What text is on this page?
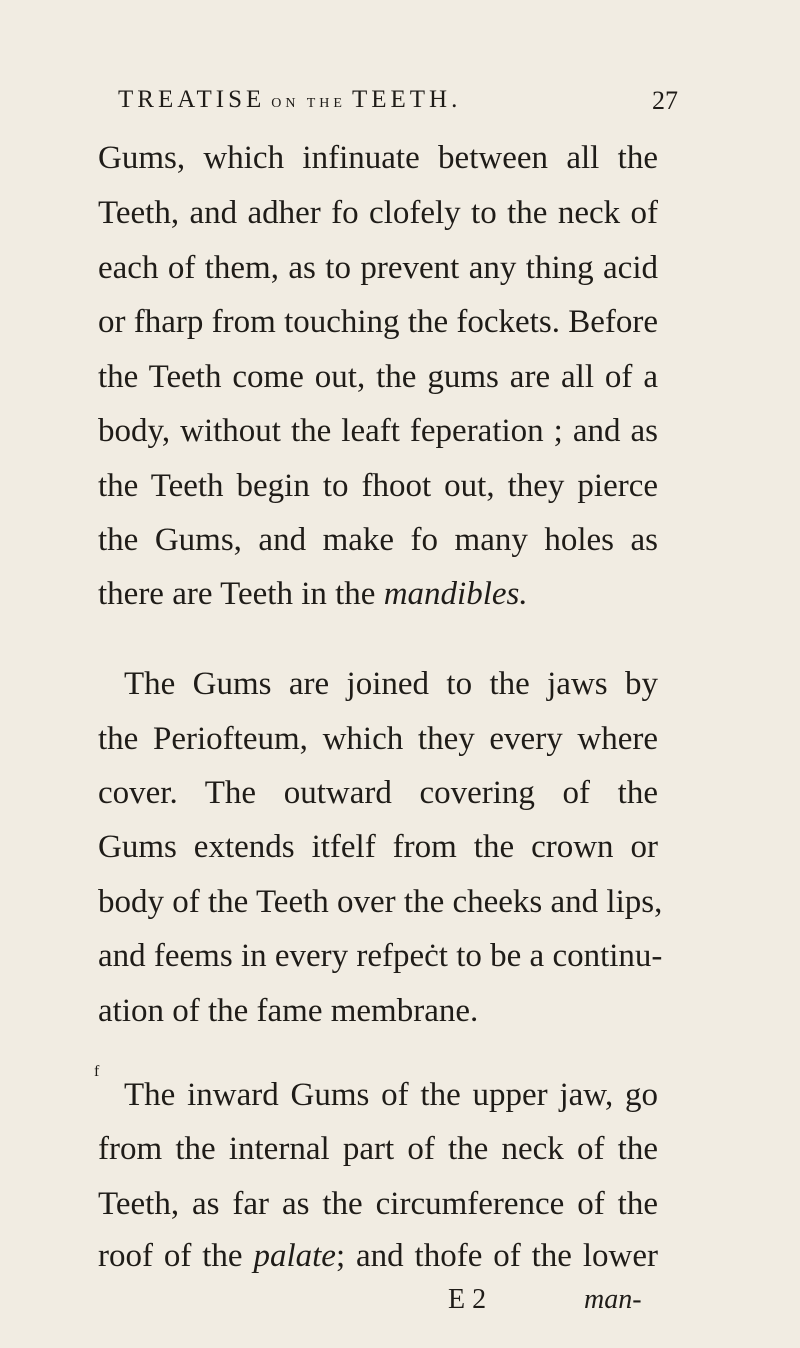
TREATISE ON THE TEETH.	27
Gums, which infinuate between all the
Teeth, and adher fo clofely to the neck of
each of them, as to prevent any thing acid
or fharp from touching the fockets. Before
the Teeth come out, the gums are all of a
body, without the leaft feperation ; and as
the Teeth begin to fhoot out, they pierce
the Gums, and make fo many holes as
there are Teeth in the mandibles.
The Gums are joined to the jaws by
the Periofteum, which they every where
cover. The outward covering of the
Gums extends itfelf from the crown or
body of the Teeth over the cheeks and lips,
and feems in every refpeċt to be a continu-
ation of the fame membrane.
f
The inward Gums of the upper jaw, go
from the internal part of the neck of the
Teeth, as far as the circumference of the
roof of the palate; and thofe of the lower
E 2	man-
